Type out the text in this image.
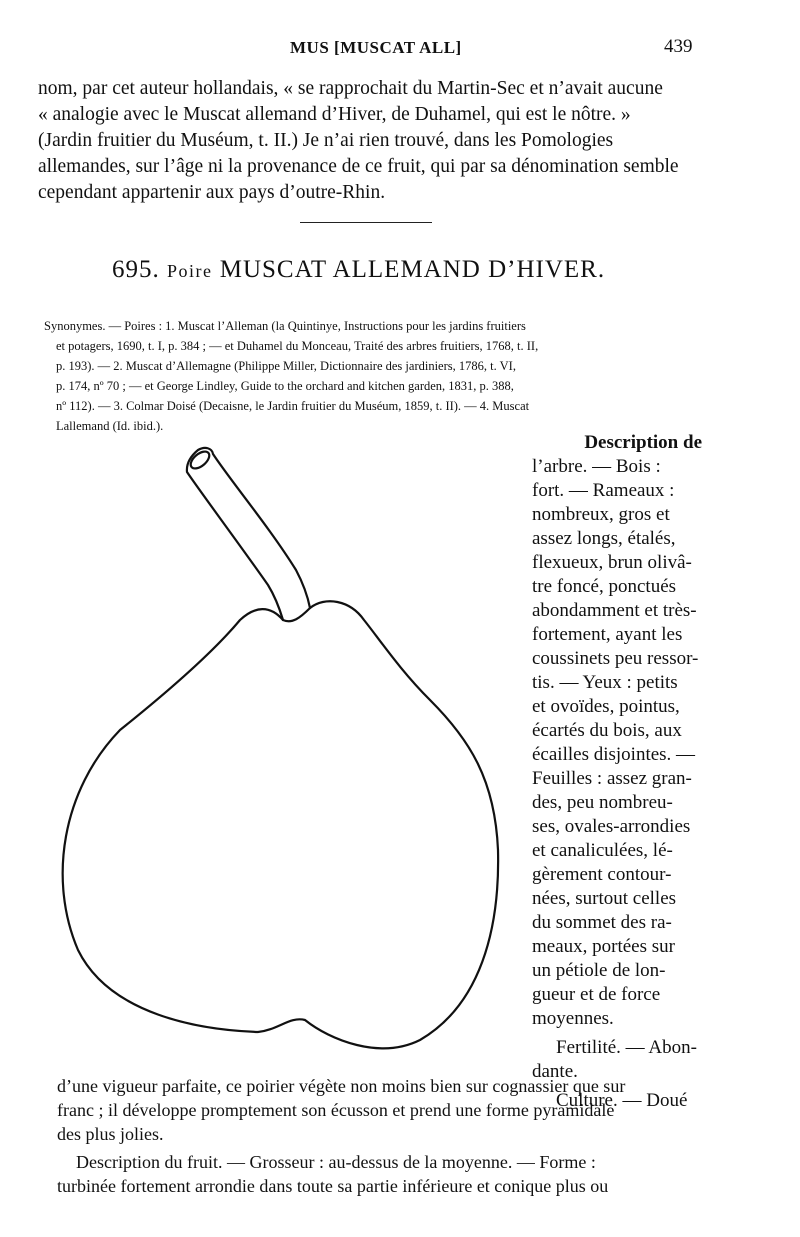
MUS [MUSCAT ALL]	439
nom, par cet auteur hollandais, « se rapprochait du Martin-Sec et n’avait aucune
« analogie avec le Muscat allemand d’Hiver, de Duhamel, qui est le nôtre. »
(Jardin fruitier du Muséum, t. II.) Je n’ai rien trouvé, dans les Pomologies
allemandes, sur l’âge ni la provenance de ce fruit, qui par sa dénomination semble
cependant appartenir aux pays d’outre-Rhin.
695. Poire MUSCAT ALLEMAND D’HIVER.
Synonymes. — Poires : 1. Muscat l’Alleman (la Quintinye, Instructions pour les jardins fruitiers
et potagers, 1690, t. I, p. 384 ; — et Duhamel du Monceau, Traité des arbres fruitiers, 1768, t. II,
p. 193). — 2. Muscat d’Allemagne (Philippe Miller, Dictionnaire des jardiniers, 1786, t. VI,
p. 174, nº 70 ; — et George Lindley, Guide to the orchard and kitchen garden, 1831, p. 388,
nº 112). — 3. Colmar Doisé (Decaisne, le Jardin fruitier du Muséum, 1859, t. II). — 4. Muscat
Lallemand (Id. ibid.).
Description de
l’arbre. — Bois :
fort. — Rameaux :
nombreux, gros et
assez longs, étalés,
flexueux, brun olivâ-
tre foncé, ponctués
abondamment et très-
fortement, ayant les
coussinets peu ressor-
tis. — Yeux : petits
et ovoïdes, pointus,
écartés du bois, aux
écailles disjointes. —
Feuilles : assez gran-
des, peu nombreu-
ses, ovales-arrondies
et canaliculées, lé-
gèrement contour-
nées, surtout celles
du sommet des ra-
meaux, portées sur
un pétiole de lon-
gueur et de force
moyennes.
Fertilité. — Abon-
dante.
Culture. — Doué
d’une vigueur parfaite, ce poirier végète non moins bien sur cognassier que sur
franc ; il développe promptement son écusson et prend une forme pyramidale
des plus jolies.
Description du fruit. — Grosseur : au-dessus de la moyenne. — Forme :
turbinée fortement arrondie dans toute sa partie inférieure et conique plus ou
